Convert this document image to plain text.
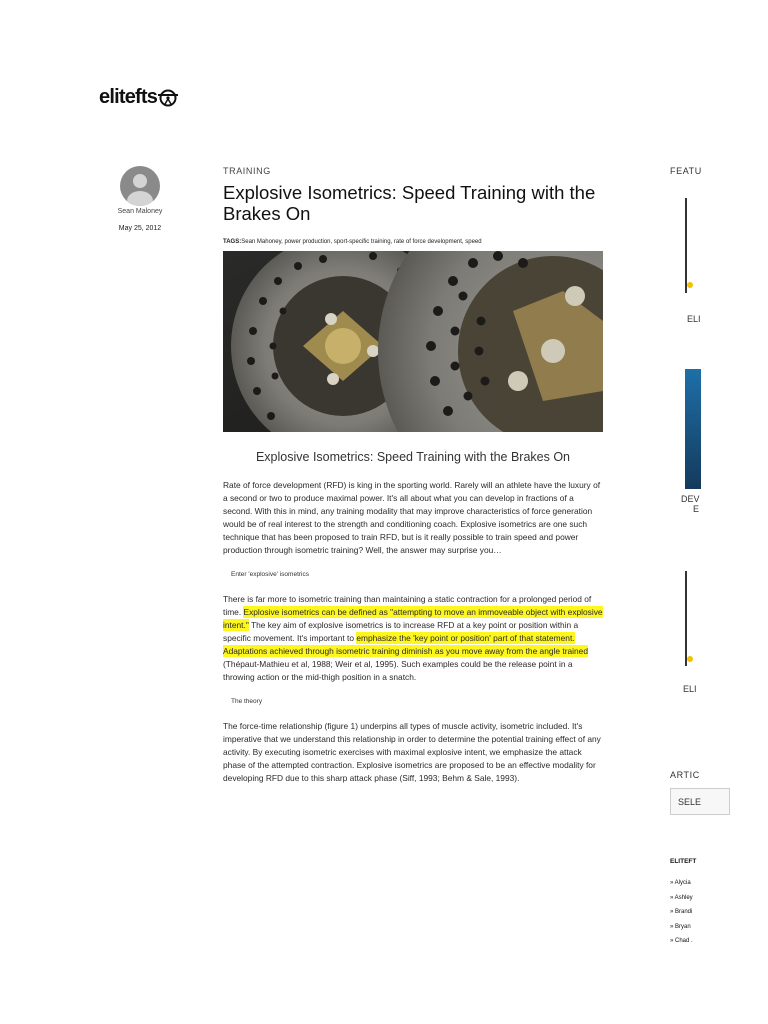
elitefts
Sean Maloney
May 25, 2012
TRAINING
Explosive Isometrics: Speed Training with the Brakes On
TAGS:Sean Mahoney, power production, sport-specific training, rate of force development, speed
Explosive Isometrics: Speed Training with the Brakes On

Rate of force development (RFD) is king in the sporting world. Rarely will an athlete have the luxury of a second or two to produce maximal power. It's all about what you can develop in fractions of a second. With this in mind, any training modality that may improve characteristics of force generation would be of real interest to the strength and conditioning coach. Explosive isometrics are one such technique that has been proposed to train RFD, but is it really possible to train speed and power production through isometric training? Well, the answer may surprise you…

Enter 'explosive' isometrics

There is far more to isometric training than maintaining a static contraction for a prolonged period of time. Explosive isometrics can be defined as "attempting to move an immoveable object with explosive intent." The key aim of explosive isometrics is to increase RFD at a key point or position within a specific movement. It's important to emphasize the 'key point or position' part of that statement. Adaptations achieved through isometric training diminish as you move away from the angle trained (Thépaut-Mathieu et al, 1988; Weir et al, 1995). Such examples could be the release point in a throwing action or the mid-thigh position in a snatch.

The theory

The force-time relationship (figure 1) underpins all types of muscle activity, isometric included. It's imperative that we understand this relationship in order to determine the potential training effect of any activity. By executing isometric exercises with maximal explosive intent, we emphasize the attack phase of the attempted contraction. Explosive isometrics are proposed to be an effective modality for developing RFD due to this sharp attack phase (Siff, 1993; Behm & Sale, 1993).

FEATU
ELI
DEV
E
ELI
ARTIC
SELE
ELITEFT
» Alycia
» Ashley
» Brandi
» Bryan
» Chad .
